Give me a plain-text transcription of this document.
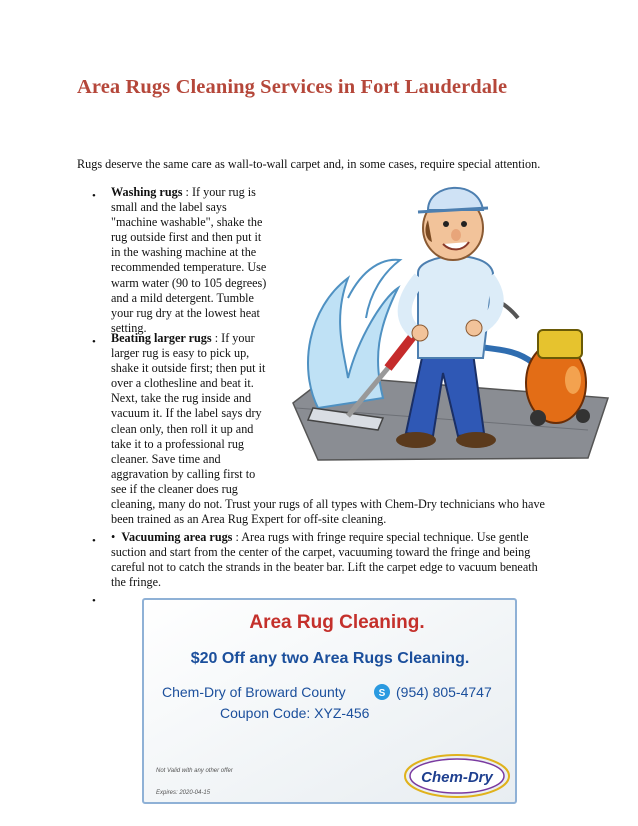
Area Rugs Cleaning Services in Fort Lauderdale

Rugs deserve the same care as wall-to-wall carpet and, in some cases, require special attention.

• Washing rugs : If your rug is
small and the label says
"machine washable", shake the
rug outside first and then put it
in the washing machine at the
recommended temperature. Use
warm water (90 to 105 degrees)
and a mild detergent. Tumble
your rug dry at the lowest heat
setting.
• Beating larger rugs : If your
larger rug is easy to pick up,
shake it outside first; then put it
over a clothesline and beat it.
Next, take the rug inside and
vacuum it. If the label says dry
clean only, then roll it up and
take it to a professional rug
cleaner. Save time and
aggravation by calling first to
see if the cleaner does rug
cleaning, many do not. Trust your rugs of all types with Chem-Dry technicians who have
been trained as an Area Rug Expert for off-site cleaning.
• • Vacuuming area rugs : Area rugs with fringe require special technique. Use gentle
suction and start from the center of the carpet, vacuuming toward the fringe and being
careful not to catch the strands in the beater bar. Lift the carpet edge to vacuum beneath
the fringe.
•
Area Rug Cleaning.
$20 Off any two Area Rugs Cleaning.
Chem-Dry of Broward County	S (954) 805-4747
Coupon Code: XYZ-456
Not Valid with any other offer
Expires: 2020-04-15
Chem-Dry
